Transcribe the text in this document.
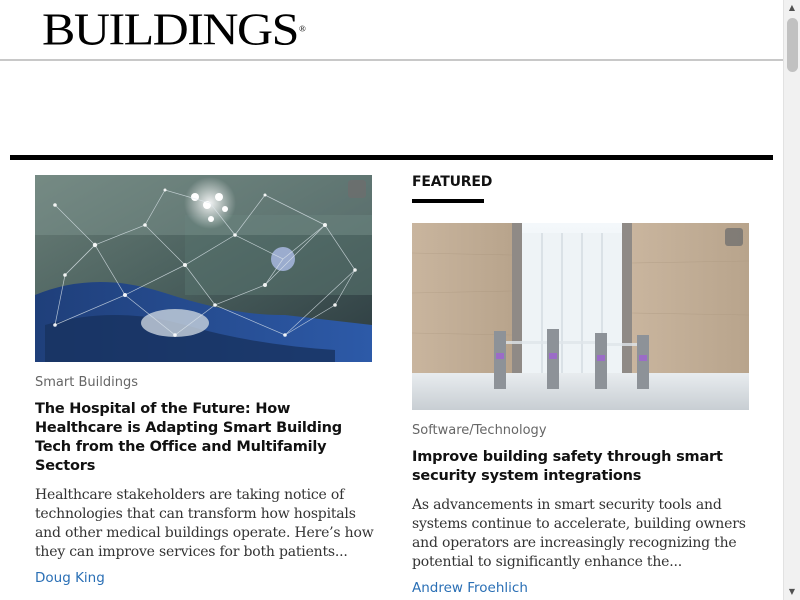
BUILDINGS®
Smart Buildings
The Hospital of the Future: How Healthcare is Adapting Smart Building Tech from the Office and Multifamily Sectors

Healthcare stakeholders are taking notice of technologies that can transform how hospitals and other medical buildings operate. Here’s how they can improve services for both patients...

Doug King
FEATURED
Software/Technology
Improve building safety through smart security system integrations

As advancements in smart security tools and systems continue to accelerate, building owners and operators are increasingly recognizing the potential to significantly enhance the...

Andrew Froehlich
▲
▼
